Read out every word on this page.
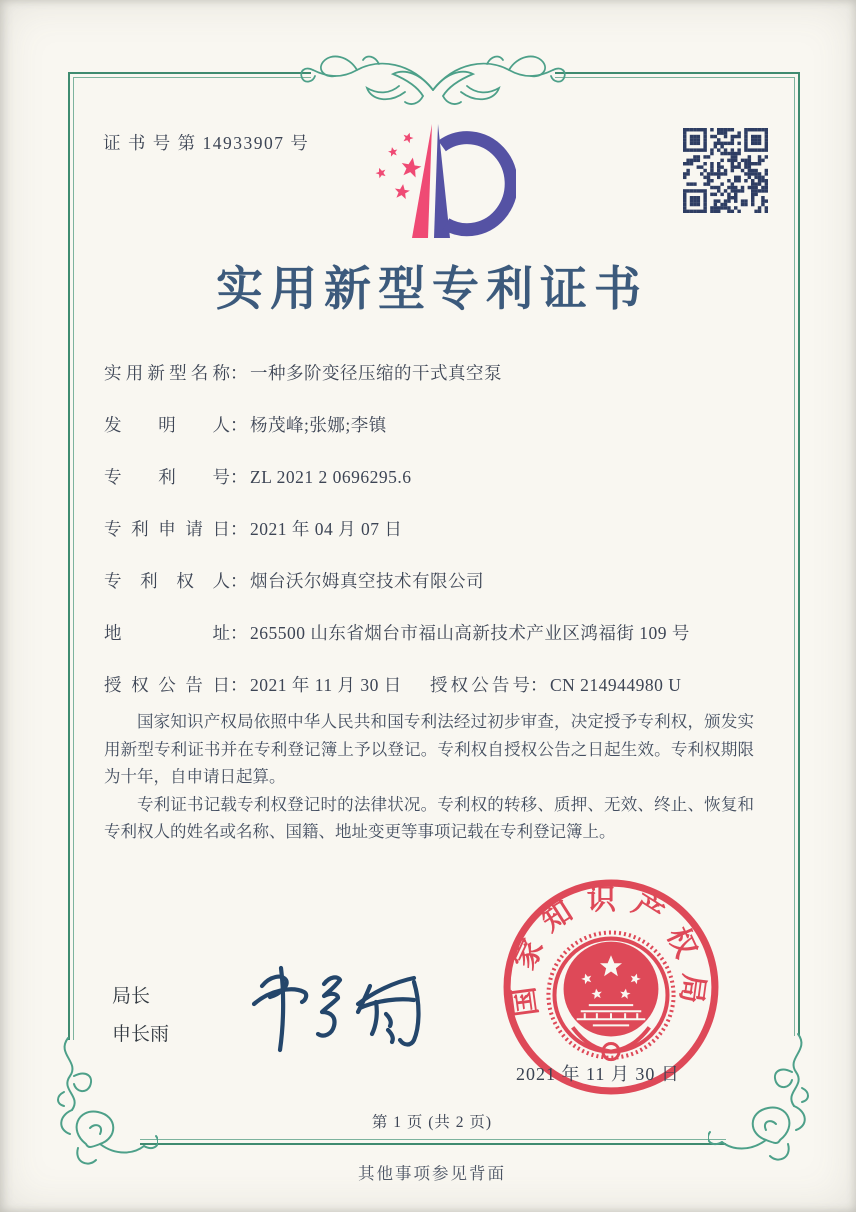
证 书 号 第 14933907 号
实用新型专利证书
实用新型名称： 一种多阶变径压缩的干式真空泵
发明人： 杨茂峰;张娜;李镇
专利号： ZL 2021 2 0696295.6
专利申请日： 2021 年 04 月 07 日
专利权人： 烟台沃尔姆真空技术有限公司
地址： 265500 山东省烟台市福山高新技术产业区鸿福街 109 号
授权公告日： 2021 年 11 月 30 日 授权公告号： CN 214944980 U

国家知识产权局依照中华人民共和国专利法经过初步审查，决定授予专利权，颁发实用新型专利证书并在专利登记簿上予以登记。专利权自授权公告之日起生效。专利权期限为十年，自申请日起算。

专利证书记载专利权登记时的法律状况。专利权的转移、质押、无效、终止、恢复和专利权人的姓名或名称、国籍、地址变更等事项记载在专利登记簿上。

局长
申长雨
国家知识产权局
2021 年 11 月 30 日
第 1 页 (共 2 页)
其他事项参见背面
